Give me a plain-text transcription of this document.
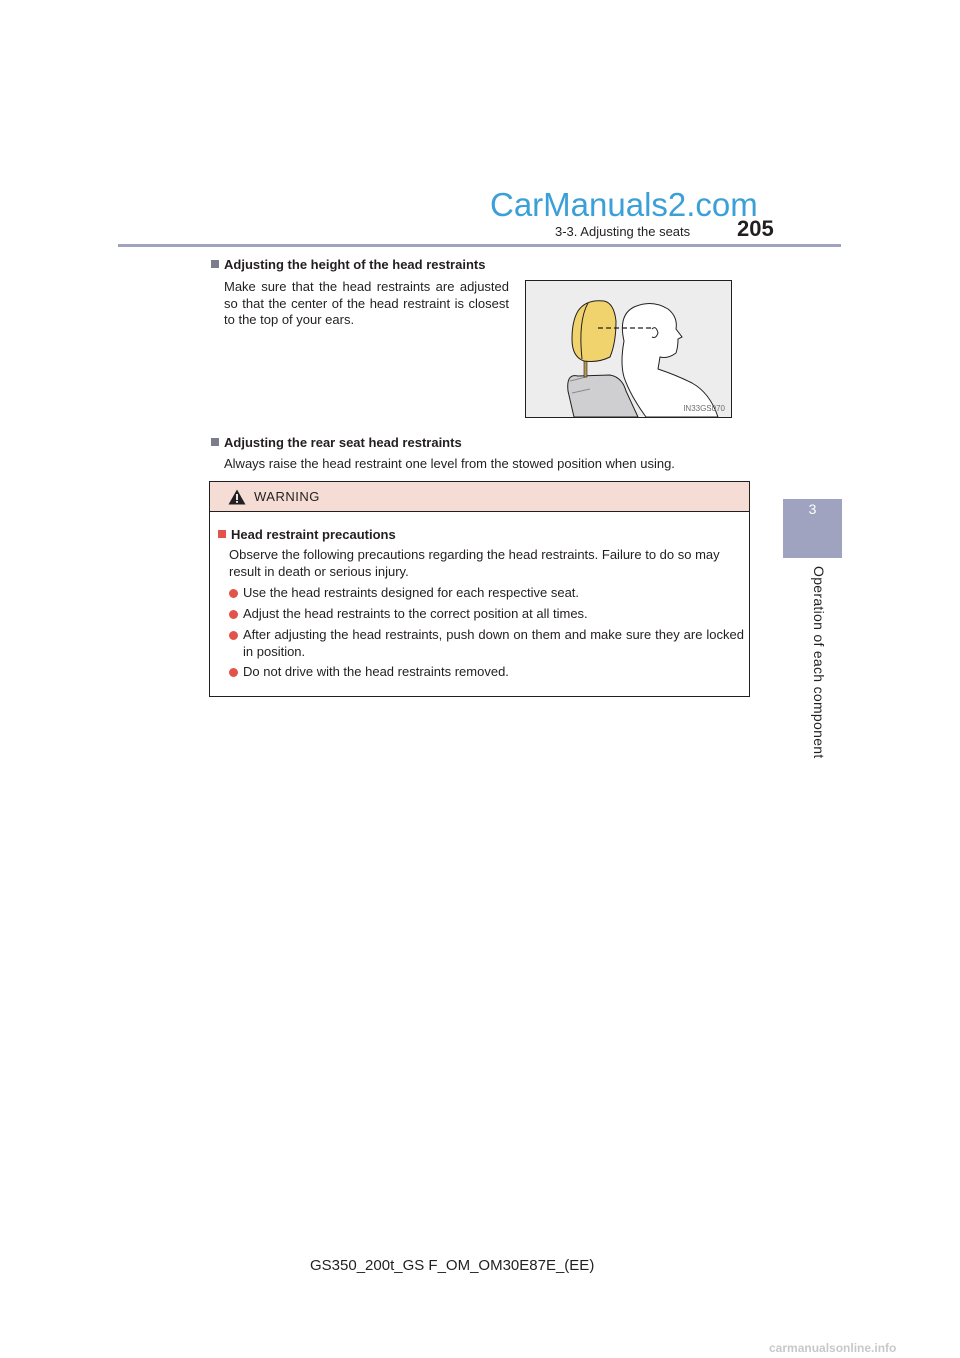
CarManuals2.com
3-3. Adjusting the seats 205
3
Operation of each component
Adjusting the height of the head restraints
Make sure that the head restraints are adjusted so that the center of the head restraint is closest to the top of your ears.
IN33GS070
Adjusting the rear seat head restraints
Always raise the head restraint one level from the stowed position when using.
WARNING
Head restraint precautions
Observe the following precautions regarding the head restraints. Failure to do so may result in death or serious injury.
Use the head restraints designed for each respective seat.
Adjust the head restraints to the correct position at all times.
After adjusting the head restraints, push down on them and make sure they are locked in position.
Do not drive with the head restraints removed.
GS350_200t_GS F_OM_OM30E87E_(EE)
carmanualsonline.info
